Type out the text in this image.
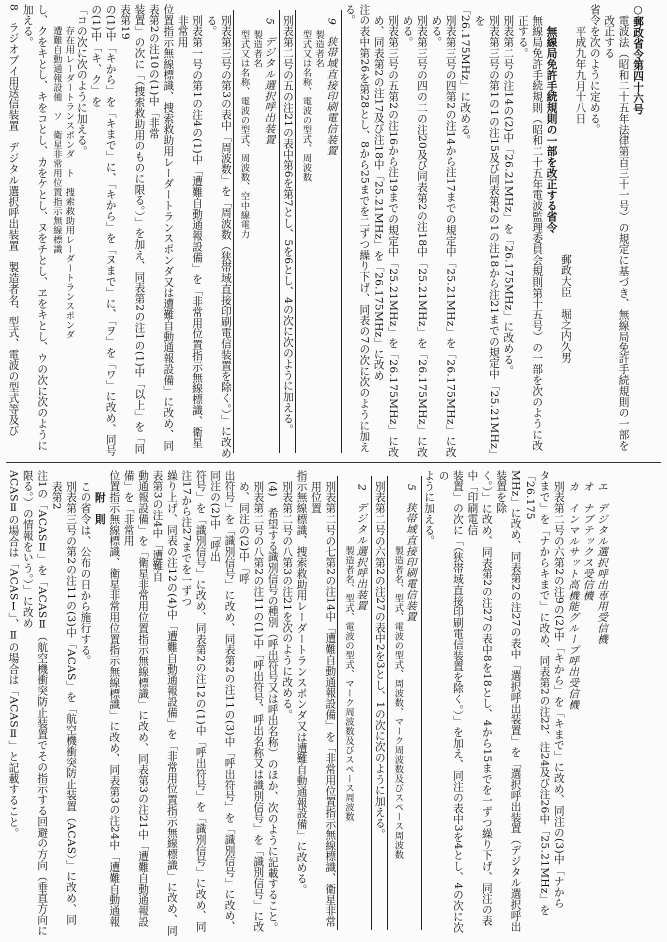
○郵政省令第四十六号
電波法（昭和二十五年法律第百三十一号）の規定に基づき、無線局免許手続規則の一部を改正する
省令を次のように定める。
平成九年九月十八日
郵政大臣　堀之内久男
無線局免許手続規則の一部を改正する省令
無線局免許手続規則（昭和二十五年電波監理委員会規則第十五号）の一部を次のように改正する。
別表第二号の注14の(2)中「26.21MHz」を「26.175MHz」に改める。
別表第三号の第1の1の注15及び同表第2の1の注18から注21までの規定中「25.21MHz」を
「26.175MHz」に改める。
別表第三号の四第2の注14から注17までの規定中「25.21MHz」を「26.175MHz」に改める。
別表第三号の四の二の注20及び同表第2の注18中「25.21MHz」を「26.175MHz」に改める。
別表第三号の五第2の注16から注19までの規定中「25.21MHz」を「26.175MHz」に改め、同表第2の注17及び注18中「25.21MHz」を「26.175MHz」に改め
注の表中第26を第28とし、8から25までを二ずつ繰り下げ、同表の7の次に次のように加える。
9　狭帯域直接印刷電信装置
製造者名
型式又は名称、電波の型式、周波数
別表第二号の五の注21の表中第6を第7とし、5を6とし、4の次に次のように加える。
5　デジタル選択呼出装置
製造者名
型式又は名称、電波の型式、周波数、空中線電力
別表第三号の第3の表中「周波数」を「周波数（狭帯域直接印刷電信装置を除く。）」に改める。
別表第一号の第1の注4の(1)中「遭難自動通報設備」を「非常用位置指示無線標識、衛星非常用
位置指示無線標識、捜索救助用レーダートランスポンダ又は遭難自動通報設備」に改め、同表第2の注10の(1)中「非常
装置」の次に「（捜索救助用のものに限る。）」を加え、同表第2の注1の(1)中「以上」を「同表第19
の(1)中「キから」を「キまで」に、「キから」を「ヌまで」に、「ヲ」を「ワ」に改め、同号の(1)中「キ、ク」を
「コの次に次のように加える。
存在用レーダートランスポンダ　ト　捜索救助用レーダートランスポンダ
遭難自動通報設備　ソ　衛星非常用位置指示無線標識
し、クをキとし、キをコとし、カをケとし、ヌをチとし、ヱをキとし、ウの次に次のように加える。
8　ラジオブイ用送信装置　デジタル選択呼出装置　製造者名、型式、電波の型式等及び
エ　デジタル選択呼出専用受信機
オ　ナブテックス受信機
カ　インマルサット高機能グループ呼出受信機
別表第二号の六第2の注9の(2)中「キから」を「キまで」に改め、同注の(3)中「ナから
タまで」を「ナからキまで」に改め、同表第2の注22、注24及び注26中「25.21MHz」を「26.175
MHz」に改め、同表第2の注27の表中「選択呼出装置」を「選択呼出装置（デジタル選択呼出装置を除
く。）」に改め、同表第2の注27の表中8を18とし、4から15までを一ずつ繰り下げ、同注の表中「印刷電信
装置」の次に「（狭帯域直接印刷電信装置を除く。）」を加え、同注の表中3を4とし、4の次に次の
ように加える。
5　狭帯域直接印刷電信装置
製造者名、型式、電波の型式、周波数、マーク周波数及びスペース周波数
別表第二号の六第2の注27の表中2を3とし、1の次に次のように加える。
2　デジタル選択呼出装置
製造者名、型式、電波の型式、マーク周波数及びスペース周波数
別表第二号の七第2の注14中「遭難自動通報設備」を「非常用位置指示無線標識、衛星非常用位置
指示無線標識、捜索救助用レーダートランスポンダ又は遭難自動通報設備」に改める。
別表第二号の八第3の注21を次のように改める。
(4)　希望する識別信号の種別（呼出符号又は呼出名称）のほか、次のように記載すること。
別表第二号の八第2の注11の(1)中「呼出符号、呼出名称又は識別信号」を「識別信号」に改め、同注の(2)中「呼
出符号」を「識別信号」に改め、同表第2の注11の(3)中「呼出符号」を「識別信号」に改め、同注の(2)中「呼出
符号」を「識別信号」に改め、同表第2の注12の(1)中「呼出符号」を「識別信号」に改め、同注17から注27までを一ずつ
繰り上げ、同表の注12の(4)中「遭難自動通報設備」を「非常用位置指示無線標識」に改め、同表第3の注4中「遭難自
動通報設備」を「衛星非常用位置指示無線標識」に改め、同表第3の注21中「遭難自動通報設備」を「非常用
位置指示無線標識、衛星非常用位置指示無線標識」に改め、同表第3の注24中「遭難自動通報
附　則
この省令は、公布の日から施行する。
別表第三号の第2の注11の(3)中「ACAS」を「航空機衝突防止装置（ACAS）」に改め、同表第2
注1の「ACASⅡ」を「ACASⅡ（航空機衝突防止装置でその指示する回避の方向（垂直方向に限る。）の情報をいう。）」に改め
ACASⅡの場合は「ACASⅠ」、Ⅱの場合は「ACASⅡ」と記載すること。
